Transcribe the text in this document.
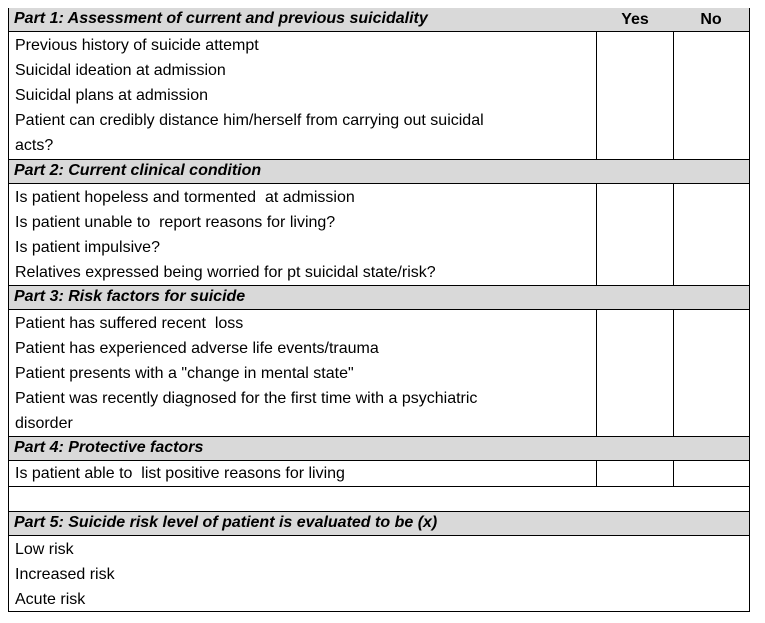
Part 1: Assessment of current and previous suicidality	Yes	No
Previous history of suicide attempt
Suicidal ideation at admission
Suicidal plans at admission
Patient can credibly distance him/herself from carrying out suicidal
acts?
Part 2: Current clinical condition
Is patient hopeless and tormented  at admission
Is patient unable to  report reasons for living?
Is patient impulsive?
Relatives expressed being worried for pt suicidal state/risk?
Part 3: Risk factors for suicide
Patient has suffered recent  loss
Patient has experienced adverse life events/trauma
Patient presents with a "change in mental state"
Patient was recently diagnosed for the first time with a psychiatric
disorder
Part 4: Protective factors
Is patient able to  list positive reasons for living
Part 5: Suicide risk level of patient is evaluated to be (x)
Low risk
Increased risk
Acute risk
